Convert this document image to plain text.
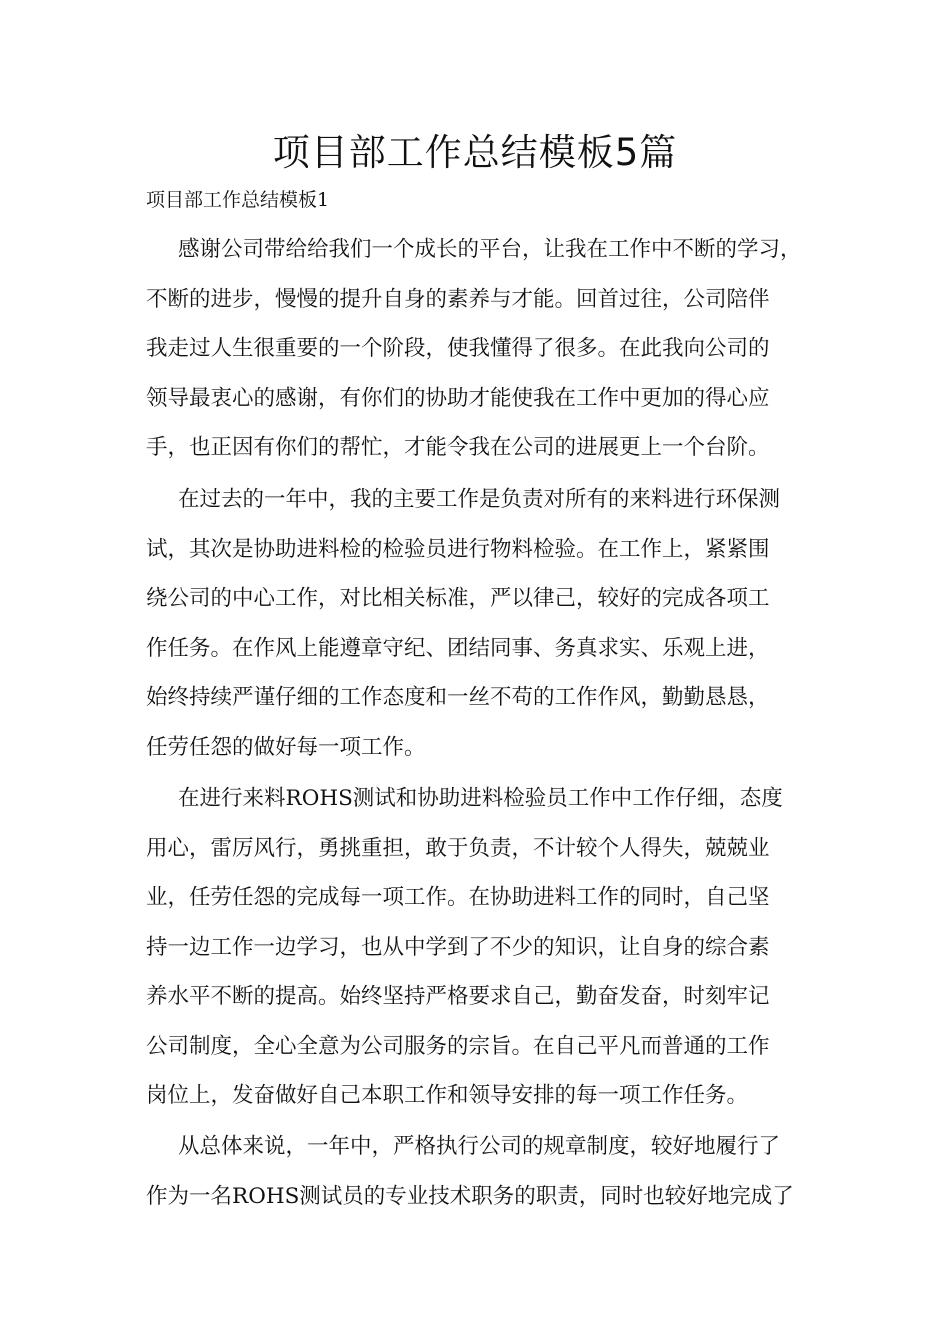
项目部工作总结模板5篇
项目部工作总结模板1
感谢公司带给给我们一个成长的平台，让我在工作中不断的学习，
不断的进步，慢慢的提升自身的素养与才能。回首过往，公司陪伴
我走过人生很重要的一个阶段，使我懂得了很多。在此我向公司的
领导最衷心的感谢，有你们的协助才能使我在工作中更加的得心应
手，也正因有你们的帮忙，才能令我在公司的进展更上一个台阶。
在过去的一年中，我的主要工作是负责对所有的来料进行环保测
试，其次是协助进料检的检验员进行物料检验。在工作上，紧紧围
绕公司的中心工作，对比相关标准，严以律己，较好的完成各项工
作任务。在作风上能遵章守纪、团结同事、务真求实、乐观上进，
始终持续严谨仔细的工作态度和一丝不苟的工作作风，勤勤恳恳，
任劳任怨的做好每一项工作。
在进行来料ROHS测试和协助进料检验员工作中工作仔细，态度
用心，雷厉风行，勇挑重担，敢于负责，不计较个人得失，兢兢业
业，任劳任怨的完成每一项工作。在协助进料工作的同时，自己坚
持一边工作一边学习，也从中学到了不少的知识，让自身的综合素
养水平不断的提高。始终坚持严格要求自己，勤奋发奋，时刻牢记
公司制度，全心全意为公司服务的宗旨。在自己平凡而普通的工作
岗位上，发奋做好自己本职工作和领导安排的每一项工作任务。
从总体来说，一年中，严格执行公司的规章制度，较好地履行了
作为一名ROHS测试员的专业技术职务的职责，同时也较好地完成了
